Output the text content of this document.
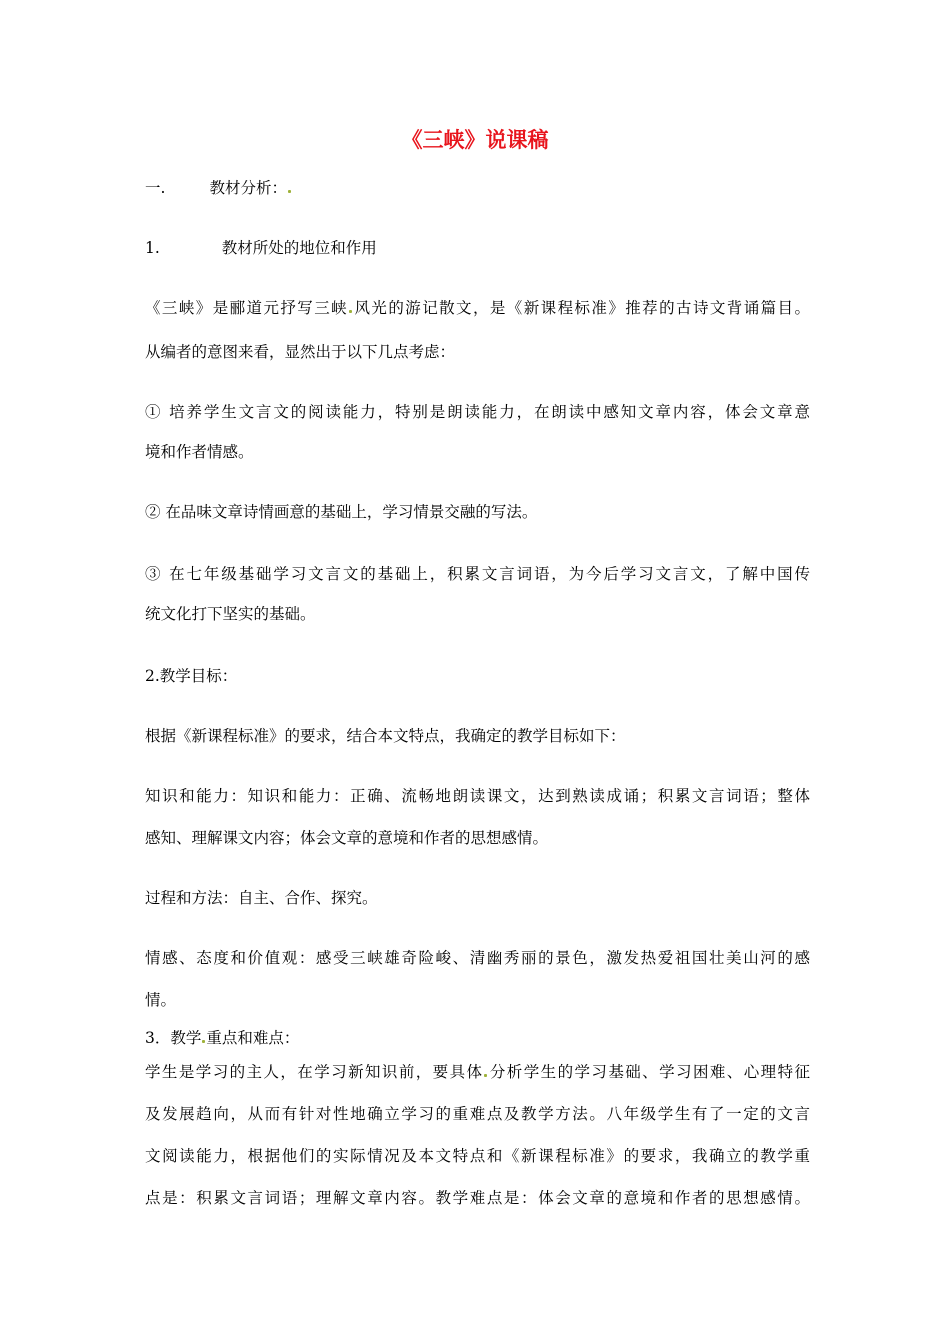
《三峡》说课稿

一.	教材分析：

1.	教材所处的地位和作用

《三峡》是郦道元抒写三峡 风光的游记散文，是《新课程标准》推荐的古诗文背诵篇目。

从编者的意图来看，显然出于以下几点考虑：

① 培养学生文言文的阅读能力，特别是朗读能力，在朗读中感知文章内容，体会文章意

境和作者情感。

② 在品味文章诗情画意的基础上，学习情景交融的写法。

③ 在七年级基础学习文言文的基础上，积累文言词语，为今后学习文言文，了解中国传

统文化打下坚实的基础。

2.教学目标：

根据《新课程标准》的要求，结合本文特点，我确定的教学目标如下：

知识和能力：知识和能力：正确、流畅地朗读课文，达到熟读成诵；积累文言词语；整体

感知、理解课文内容；体会文章的意境和作者的思想感情。

过程和方法：自主、合作、探究。

情感、态度和价值观：感受三峡雄奇险峻、清幽秀丽的景色，激发热爱祖国壮美山河的感

情。

3．教学 重点和难点：

学生是学习的主人，在学习新知识前，要具体 分析学生的学习基础、学习困难、心理特征

及发展趋向，从而有针对性地确立学习的重难点及教学方法。八年级学生有了一定的文言

文阅读能力，根据他们的实际情况及本文特点和《新课程标准》的要求，我确立的教学重

点是：积累文言词语；理解文章内容。教学难点是：体会文章的意境和作者的思想感情。
